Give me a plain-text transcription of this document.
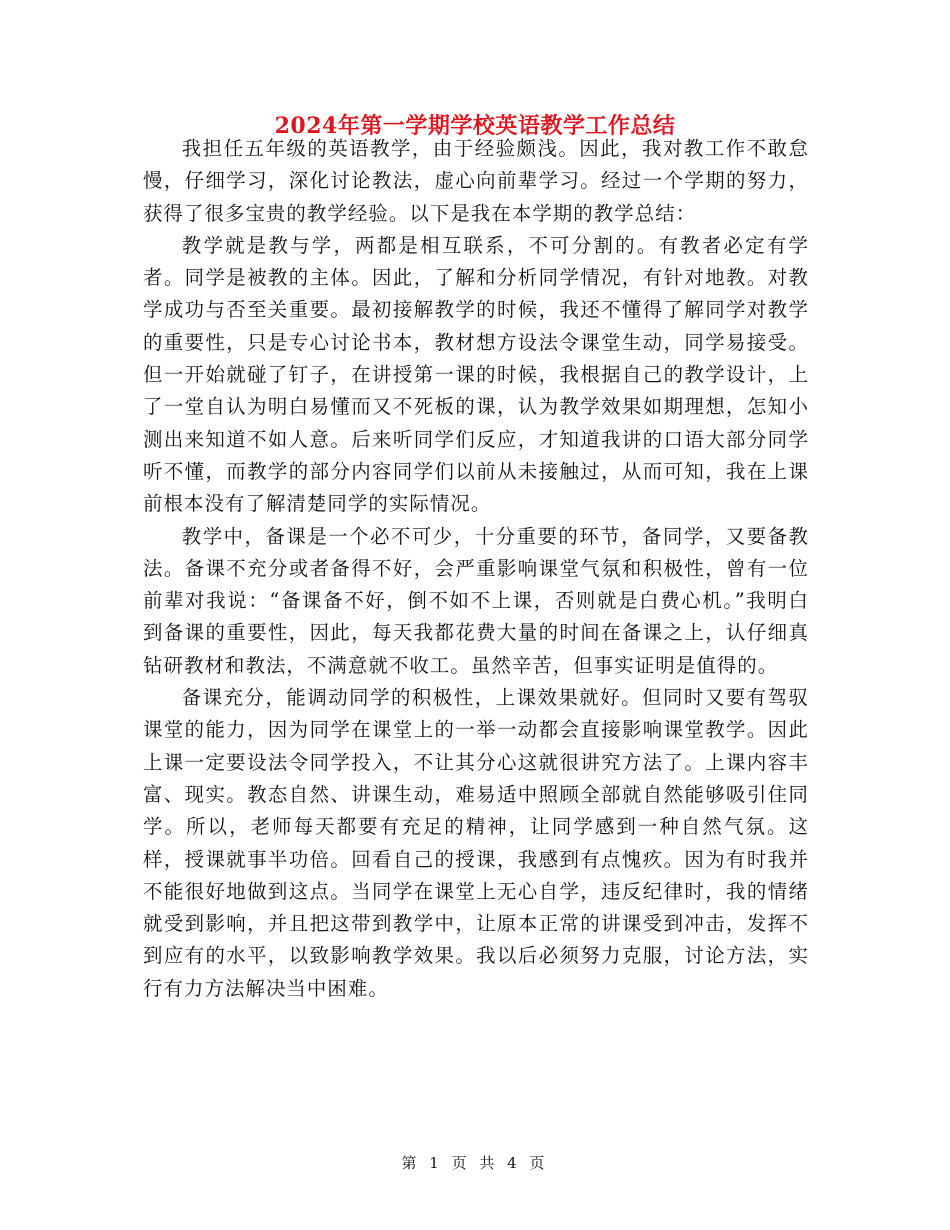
2024年第一学期学校英语教学工作总结

我担任五年级的英语教学，由于经验颇浅。因此，我对教工作不敢怠慢，仔细学习，深化讨论教法，虚心向前辈学习。经过一个学期的努力，获得了很多宝贵的教学经验。以下是我在本学期的教学总结：

教学就是教与学，两都是相互联系，不可分割的。有教者必定有学者。同学是被教的主体。因此，了解和分析同学情况，有针对地教。对教学成功与否至关重要。最初接解教学的时候，我还不懂得了解同学对教学的重要性，只是专心讨论书本，教材想方设法令课堂生动，同学易接受。但一开始就碰了钉子，在讲授第一课的时候，我根据自己的教学设计，上了一堂自认为明白易懂而又不死板的课，认为教学效果如期理想，怎知小测出来知道不如人意。后来听同学们反应，才知道我讲的口语大部分同学听不懂，而教学的部分内容同学们以前从未接触过，从而可知，我在上课前根本没有了解清楚同学的实际情况。

教学中，备课是一个必不可少，十分重要的环节，备同学，又要备教法。备课不充分或者备得不好，会严重影响课堂气氛和积极性，曾有一位前辈对我说：“备课备不好，倒不如不上课，否则就是白费心机。”我明白到备课的重要性，因此，每天我都花费大量的时间在备课之上，认仔细真钻研教材和教法，不满意就不收工。虽然辛苦，但事实证明是值得的。

备课充分，能调动同学的积极性，上课效果就好。但同时又要有驾驭课堂的能力，因为同学在课堂上的一举一动都会直接影响课堂教学。因此上课一定要设法令同学投入，不让其分心这就很讲究方法了。上课内容丰富、现实。教态自然、讲课生动，难易适中照顾全部就自然能够吸引住同学。所以，老师每天都要有充足的精神，让同学感到一种自然气氛。这样，授课就事半功倍。回看自己的授课，我感到有点愧疚。因为有时我并不能很好地做到这点。当同学在课堂上无心自学，违反纪律时，我的情绪就受到影响，并且把这带到教学中，让原本正常的讲课受到冲击，发挥不到应有的水平，以致影响教学效果。我以后必须努力克服，讨论方法，实行有力方法解决当中困难。

第 1 页 共 4 页
